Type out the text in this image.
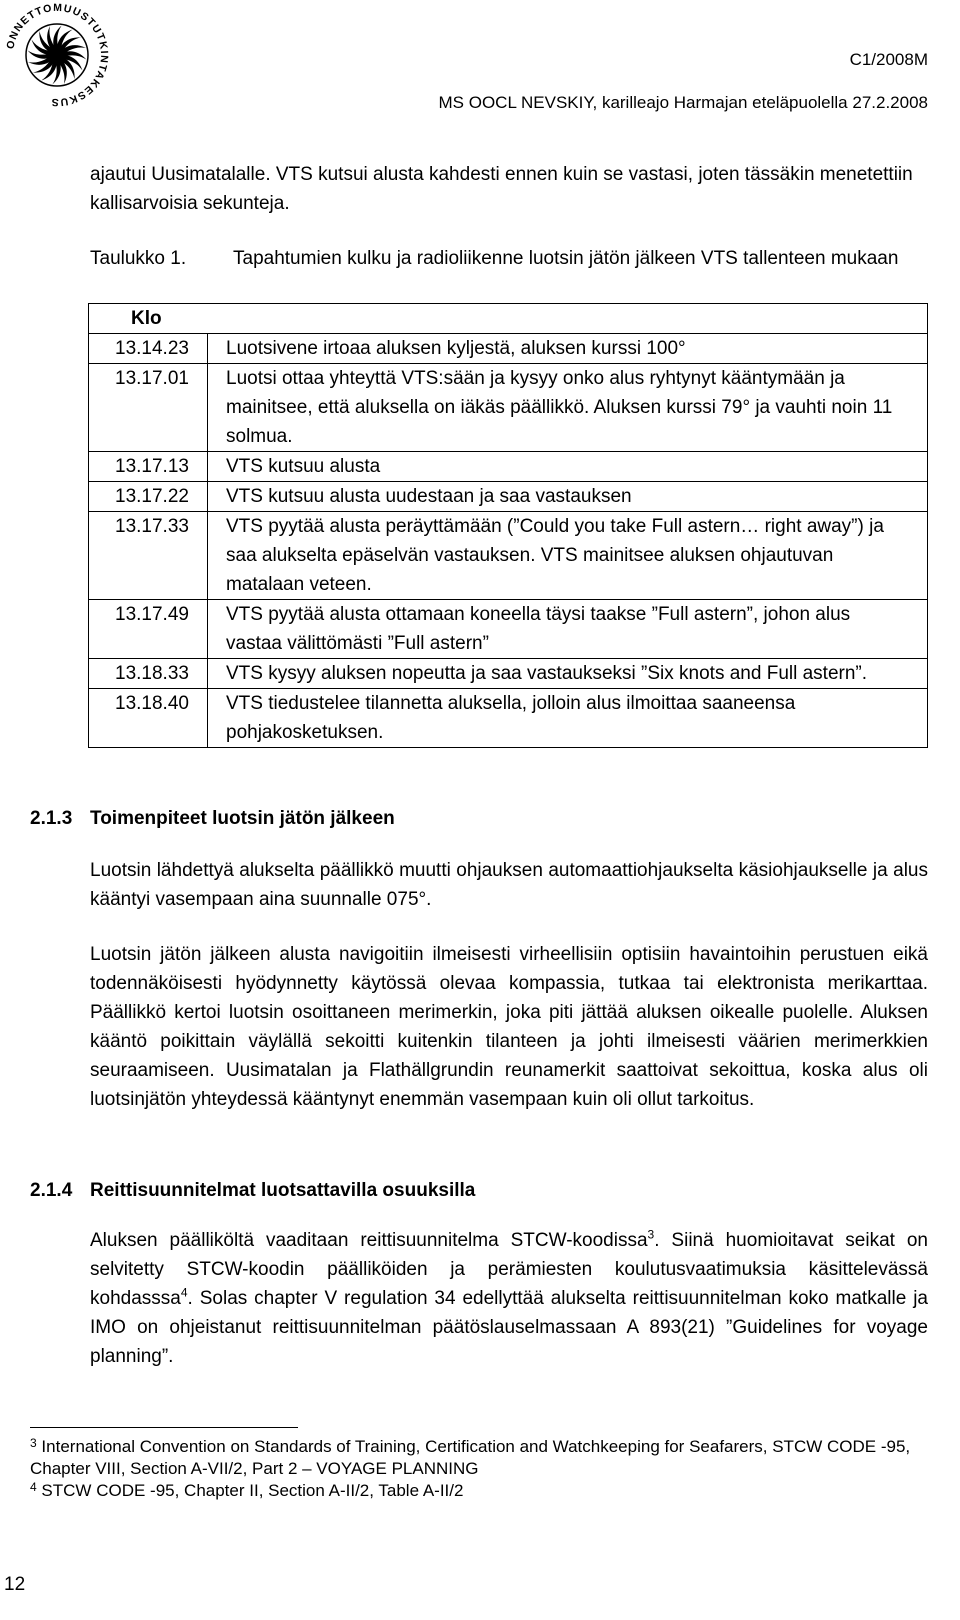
ONNETTOMUUSTUTKINTAKESKUS
C1/2008M
MS OOCL NEVSKIY, karilleajo Harmajan eteläpuolella 27.2.2008
ajautui Uusimatalalle. VTS kutsui alusta kahdesti ennen kuin se vastasi, joten tässäkin menetettiin kallisarvoisia sekunteja.
Taulukko 1. Tapahtumien kulku ja radioliikenne luotsin jätön jälkeen VTS tallenteen mukaan
Klo	
13.14.23	Luotsivene irtoaa aluksen kyljestä, aluksen kurssi 100°
13.17.01	Luotsi ottaa yhteyttä VTS:sään ja kysyy onko alus ryhtynyt kääntymään ja mainitsee, että aluksella on iäkäs päällikkö. Aluksen kurssi 79° ja vauhti noin 11 solmua.
13.17.13	VTS kutsuu alusta
13.17.22	VTS kutsuu alusta uudestaan ja saa vastauksen
13.17.33	VTS pyytää alusta peräyttämään (”Could you take Full astern… right away”) ja saa alukselta epäselvän vastauksen. VTS mainitsee aluksen ohjautuvan matalaan veteen.
13.17.49	VTS pyytää alusta ottamaan koneella täysi taakse ”Full astern”, johon alus vastaa välittömästi ”Full astern”
13.18.33	VTS kysyy aluksen nopeutta ja saa vastaukseksi ”Six knots and Full astern”.
13.18.40	VTS tiedustelee tilannetta aluksella, jolloin alus ilmoittaa saaneensa pohjakosketuksen.
2.1.3 Toimenpiteet luotsin jätön jälkeen
Luotsin lähdettyä alukselta päällikkö muutti ohjauksen automaattiohjaukselta käsiohjaukselle ja alus kääntyi vasempaan aina suunnalle 075°.
Luotsin jätön jälkeen alusta navigoitiin ilmeisesti virheellisiin optisiin havaintoihin perustuen eikä todennäköisesti hyödynnetty käytössä olevaa kompassia, tutkaa tai elektronista merikarttaa. Päällikkö kertoi luotsin osoittaneen merimerkin, joka piti jättää aluksen oikealle puolelle. Aluksen kääntö poikittain väylällä sekoitti kuitenkin tilanteen ja johti ilmeisesti väärien merimerkkien seuraamiseen. Uusimatalan ja Flathällgrundin reunamerkit saattoivat sekoittua, koska alus oli luotsinjätön yhteydessä kääntynyt enemmän vasempaan kuin oli ollut tarkoitus.
2.1.4 Reittisuunnitelmat luotsattavilla osuuksilla
Aluksen päälliköltä vaaditaan reittisuunnitelma STCW-koodissa$^3$. Siinä huomioitavat seikat on selvitetty STCW-koodin päälliköiden ja perämiesten koulutusvaatimuksia käsittelevässä kohdasssa$^4$. Solas chapter V regulation 34 edellyttää alukselta reittisuunnitelman koko matkalle ja IMO on ohjeistanut reittisuunnitelman päätöslauselmassaan A 893(21) ”Guidelines for voyage planning”.
$^3$ International Convention on Standards of Training, Certification and Watchkeeping for Seafarers, STCW CODE -95, Chapter VIII, Section A-VII/2, Part 2 – VOYAGE PLANNING
$^4$ STCW CODE -95, Chapter II, Section A-II/2, Table A-II/2
12
